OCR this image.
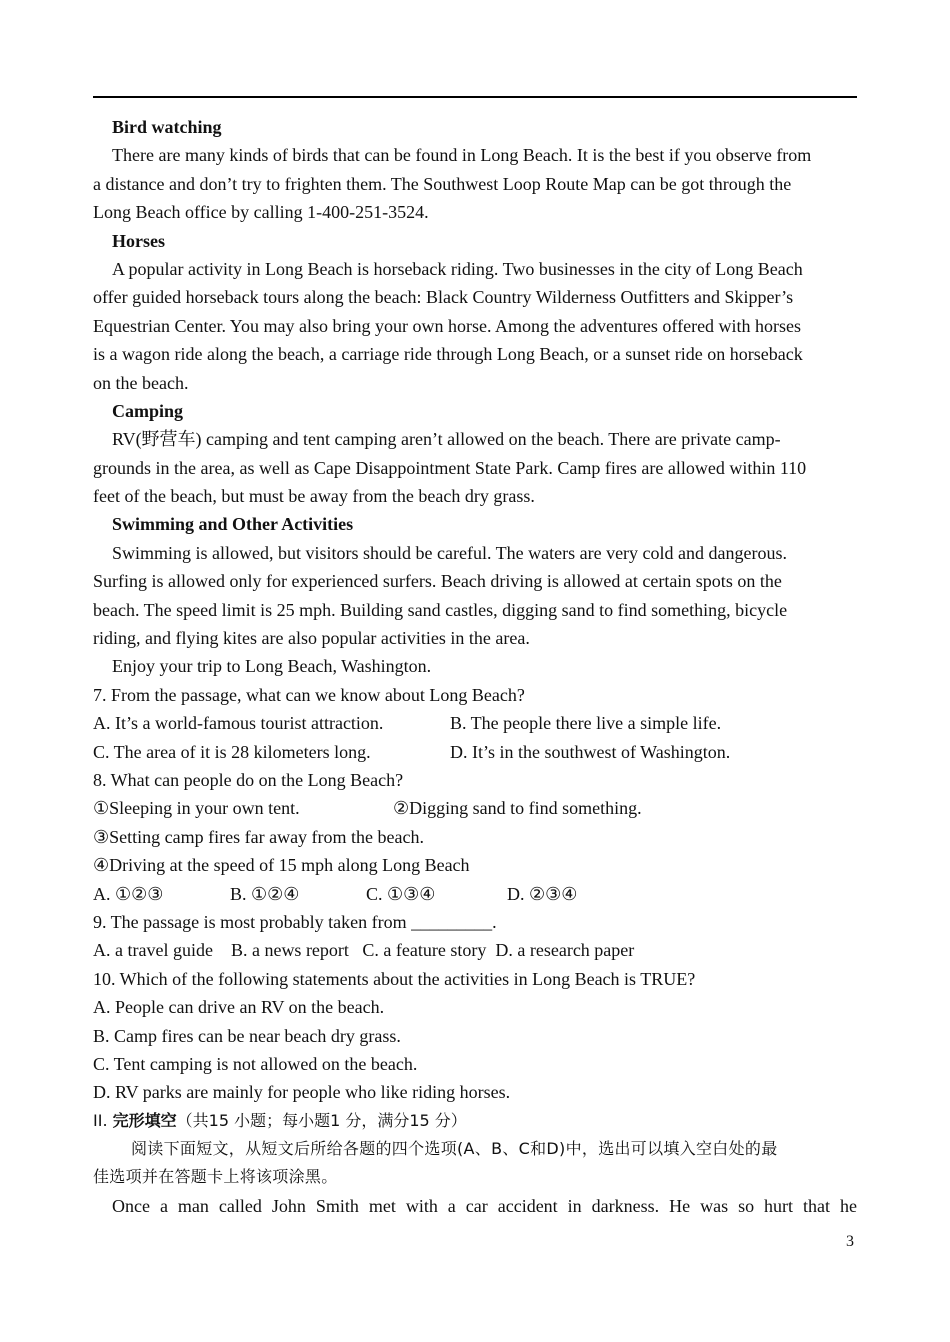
Bird watching
There are many kinds of birds that can be found in Long Beach. It is the best if you observe from
a distance and don’t try to frighten them. The Southwest Loop Route Map can be got through the
Long Beach office by calling 1-400-251-3524.
Horses
A popular activity in Long Beach is horseback riding. Two businesses in the city of Long Beach
offer guided horseback tours along the beach: Black Country Wilderness Outfitters and Skipper’s
Equestrian Center. You may also bring your own horse. Among the adventures offered with horses
is a wagon ride along the beach, a carriage ride through Long Beach, or a sunset ride on horseback
on the beach.
Camping
RV(野营车) camping and tent camping aren’t allowed on the beach. There are private camp-
grounds in the area, as well as Cape Disappointment State Park. Camp fires are allowed within 110
feet of the beach, but must be away from the beach dry grass.
Swimming and Other Activities
Swimming is allowed, but visitors should be careful. The waters are very cold and dangerous.
Surfing is allowed only for experienced surfers. Beach driving is allowed at certain spots on the
beach. The speed limit is 25 mph. Building sand castles, digging sand to find something, bicycle
riding, and flying kites are also popular activities in the area.
Enjoy your trip to Long Beach, Washington.
7. From the passage, what can we know about Long Beach?
A. It’s a world-famous tourist attraction.	B. The people there live a simple life.
C. The area of it is 28 kilometers long.	D. It’s in the southwest of Washington.
8. What can people do on the Long Beach?
①Sleeping in your own tent.	②Digging sand to find something.
③Setting camp fires far away from the beach.
④Driving at the speed of 15 mph along Long Beach
A. ①②③	B. ①②④	C. ①③④	D. ②③④
9. The passage is most probably taken from _________.
A. a travel guide    B. a news report   C. a feature story  D. a research paper
10. Which of the following statements about the activities in Long Beach is TRUE?
A. People can drive an RV on the beach.
B. Camp fires can be near beach dry grass.
C. Tent camping is not allowed on the beach.
D. RV parks are mainly for people who like riding horses.
II. 完形填空（共15 小题；每小题1 分，满分15 分）
阅读下面短文，从短文后所给各题的四个选项(A、B、C和D)中，选出可以填入空白处的最
佳选项并在答题卡上将该项涂黑。
Once a man called John Smith met with a car accident in darkness. He was so hurt that he
3
